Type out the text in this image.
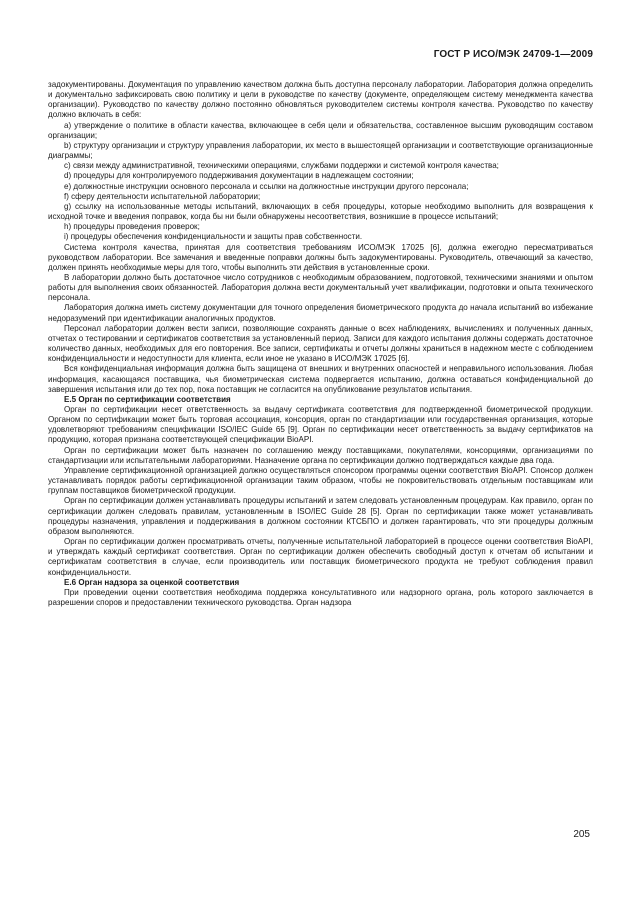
ГОСТ Р ИСО/МЭК 24709-1—2009

задокументированы. Документация по управлению качеством должна быть доступна персоналу лаборатории. Лаборатория должна определить и документально зафиксировать свою политику и цели в руководстве по качеству (документе, определяющем систему менеджмента качества организации). Руководство по качеству должно постоянно обновляться руководителем системы контроля качества. Руководство по качеству должно включать в себя:

a) утверждение о политике в области качества, включающее в себя цели и обязательства, составленное высшим руководящим составом организации;

b) структуру организации и структуру управления лаборатории, их место в вышестоящей организации и соответствующие организационные диаграммы;

c) связи между административной, техническими операциями, службами поддержки и системой контроля качества;

d) процедуры для контролируемого поддерживания документации в надлежащем состоянии;

e) должностные инструкции основного персонала и ссылки на должностные инструкции другого персонала;

f) сферу деятельности испытательной лаборатории;

g) ссылку на использованные методы испытаний, включающих в себя процедуры, которые необходимо выполнить для возвращения к исходной точке и введения поправок, когда бы ни были обнаружены несоответствия, возникшие в процессе испытаний;

h) процедуры проведения проверок;

i) процедуры обеспечения конфиденциальности и защиты прав собственности.

Система контроля качества, принятая для соответствия требованиям ИСО/МЭК 17025 [6], должна ежегодно пересматриваться руководством лаборатории. Все замечания и введенные поправки должны быть задокументированы. Руководитель, отвечающий за качество, должен принять необходимые меры для того, чтобы выполнить эти действия в установленные сроки.

В лаборатории должно быть достаточное число сотрудников с необходимым образованием, подготовкой, техническими знаниями и опытом работы для выполнения своих обязанностей. Лаборатория должна вести документальный учет квалификации, подготовки и опыта технического персонала.

Лаборатория должна иметь систему документации для точного определения биометрического продукта до начала испытаний во избежание недоразумений при идентификации аналогичных продуктов.

Персонал лаборатории должен вести записи, позволяющие сохранять данные о всех наблюдениях, вычислениях и полученных данных, отчетах о тестировании и сертификатов соответствия за установленный период. Записи для каждого испытания должны содержать достаточное количество данных, необходимых для его повторения. Все записи, сертификаты и отчеты должны храниться в надежном месте с соблюдением конфиденциальности и недоступности для клиента, если иное не указано в ИСО/МЭК 17025 [6].

Вся конфиденциальная информация должна быть защищена от внешних и внутренних опасностей и неправильного использования. Любая информация, касающаяся поставщика, чья биометрическая система подвергается испытанию, должна оставаться конфиденциальной до завершения испытания или до тех пор, пока поставщик не согласится на опубликование результатов испытания.

E.5 Орган по сертификации соответствия

Орган по сертификации несет ответственность за выдачу сертификата соответствия для подтвержденной биометрической продукции. Органом по сертификации может быть торговая ассоциация, консорция, орган по стандартизации или государственная организация, которые удовлетворяют требованиям спецификации ISO/IEC Guide 65 [9]. Орган по сертификации несет ответственность за выдачу сертификатов на продукцию, которая признана соответствующей спецификации BioAPI.

Орган по сертификации может быть назначен по соглашению между поставщиками, покупателями, консорциями, организациями по стандартизации или испытательными лабораториями. Назначение органа по сертификации должно подтверждаться каждые два года.

Управление сертификационной организацией должно осуществляться спонсором программы оценки соответствия BioAPI. Спонсор должен устанавливать порядок работы сертификационной организации таким образом, чтобы не покровительствовать отдельным поставщикам или группам поставщиков биометрической продукции.

Орган по сертификации должен устанавливать процедуры испытаний и затем следовать установленным процедурам. Как правило, орган по сертификации должен следовать правилам, установленным в ISO/IEC Guide 28 [5]. Орган по сертификации также может устанавливать процедуры назначения, управления и поддерживания в должном состоянии КТСБПО и должен гарантировать, что эти процедуры должным образом выполняются.

Орган по сертификации должен просматривать отчеты, полученные испытательной лабораторией в процессе оценки соответствия BioAPI, и утверждать каждый сертификат соответствия. Орган по сертификации должен обеспечить свободный доступ к отчетам об испытании и сертификатам соответствия в случае, если производитель или поставщик биометрического продукта не требуют соблюдения правил конфиденциальности.

E.6 Орган надзора за оценкой соответствия

При проведении оценки соответствия необходима поддержка консультативного или надзорного органа, роль которого заключается в разрешении споров и предоставлении технического руководства. Орган надзора

205
